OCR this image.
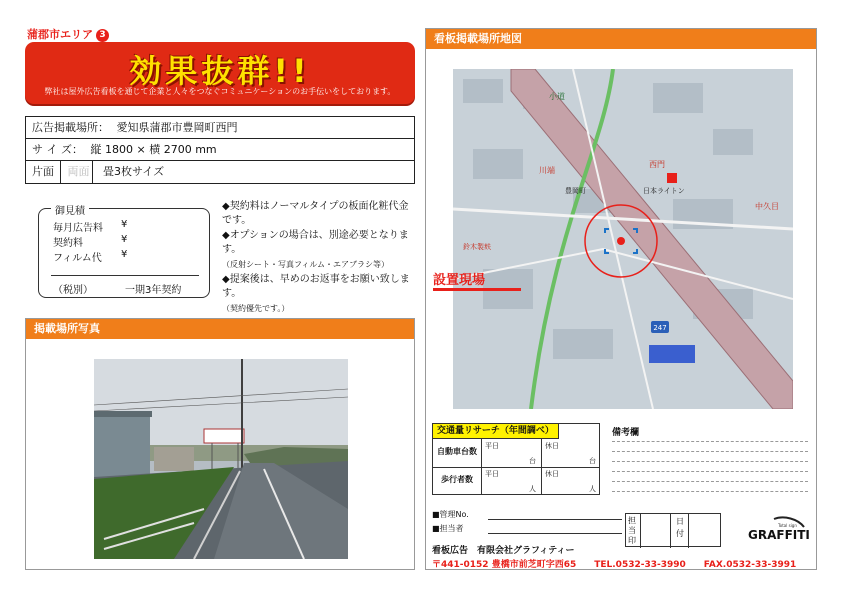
蒲郡市エリア 3
効果抜群!!
弊社は屋外広告看板を通じて企業と人々をつなぐコミュニケーションのお手伝いをしております。
広告掲載場所： 愛知県蒲郡市豊岡町西門
サ イ ズ： 縦 1800 × 横 2700 mm
片面 両面 畳3枚サイズ
御見積
毎月広告料 ¥
契約料	¥
フィルム代 ¥
（税別）	一期3年契約
◆契約料はノーマルタイプの板面化粧代金です。
◆オプションの場合は、別途必要となります。
（反射シート・写真フィルム・エアブラシ等）
◆提案後は、早めのお返事をお願い致します。
（契約優先です。）
掲載場所写真
看板掲載場所地図
247
小道
西門
川端
中久目
豊岡町
鈴木製麸
日本ライトン
設置現場
交通量リサーチ（年間調べ）
自動車台数
平日
台
休日
台
歩行者数
平日
人
休日
人
備考欄
■管理No.
■担当者
担当印
日付	GRAFFITI
Total sign
看板広告　有限会社グラフィティー
〒441-0152 豊橋市前芝町字西65 TEL.0532-33-3990 FAX.0532-33-3991
